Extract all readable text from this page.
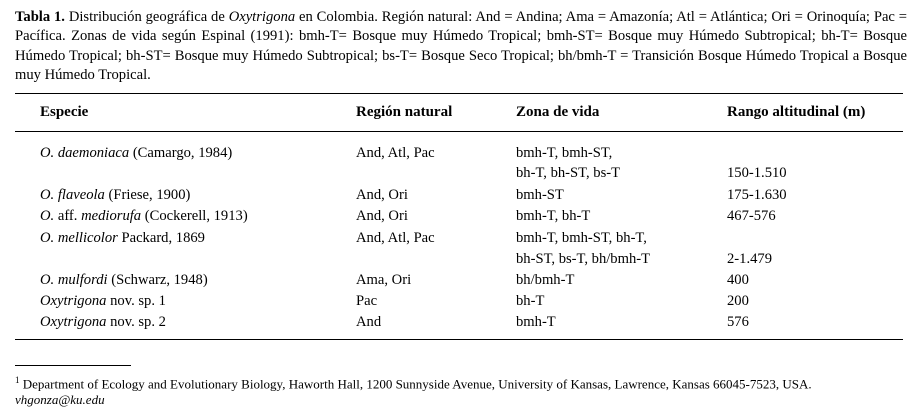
Tabla 1. Distribución geográfica de Oxytrigona en Colombia. Región natural: And = Andina; Ama = Amazonía; Atl = Atlántica; Ori = Orinoquía; Pac = Pacífica. Zonas de vida según Espinal (1991): bmh-T= Bosque muy Húmedo Tropical; bmh-ST= Bosque muy Húmedo Subtropical; bh-T= Bosque Húmedo Tropical; bh-ST= Bosque muy Húmedo Subtropical; bs-T= Bosque Seco Tropical; bh/bmh-T = Transición Bosque Húmedo Tropical a Bosque muy Húmedo Tropical.
Especie	Región natural	Zona de vida	Rango altitudinal (m)
O. daemoniaca (Camargo, 1984)	And, Atl, Pac	bmh-T, bmh-ST,
bh-T, bh-ST, bs-T	150-1.510
O. flaveola (Friese, 1900)	And, Ori	bmh-ST	175-1.630
O. aff. mediorufa (Cockerell, 1913)	And, Ori	bmh-T, bh-T	467-576
O. mellicolor Packard, 1869	And, Atl, Pac	bmh-T, bmh-ST, bh-T,
bh-ST, bs-T, bh/bmh-T	2-1.479
O. mulfordi (Schwarz, 1948)	Ama, Ori	bh/bmh-T	400
Oxytrigona nov. sp. 1	Pac	bh-T	200
Oxytrigona nov. sp. 2	And	bmh-T	576
$^1$ Department of Ecology and Evolutionary Biology, Haworth Hall, 1200 Sunnyside Avenue, University of Kansas, Lawrence, Kansas 66045-7523, USA.
vhgonza@ku.edu
